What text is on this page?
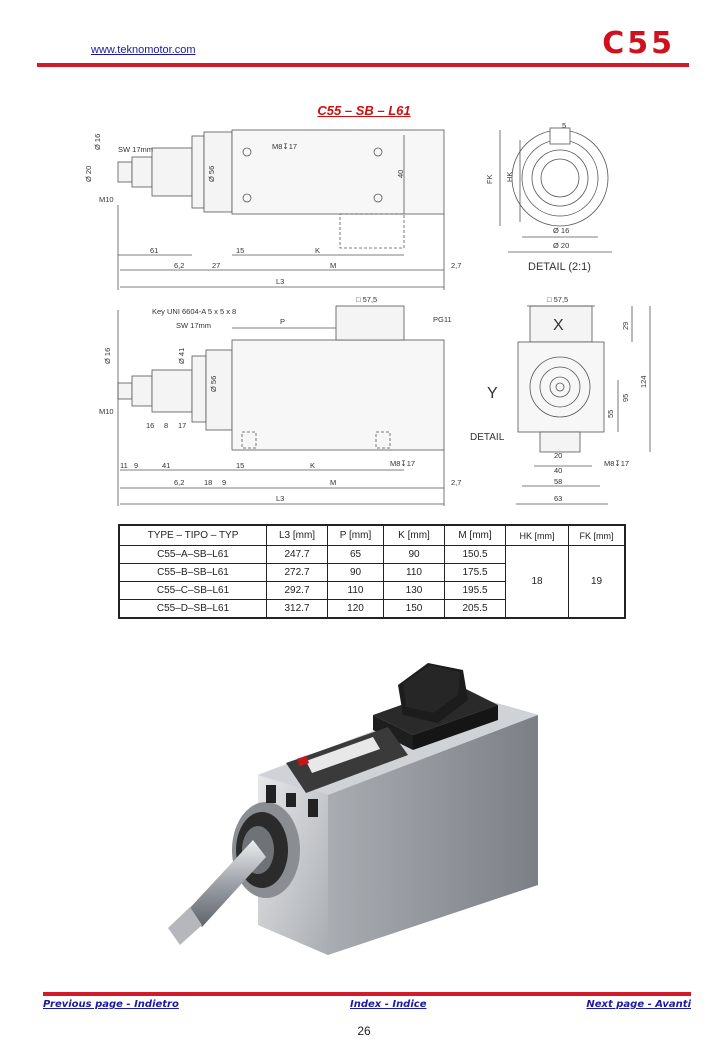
www.teknomotor.com	C55
C55 – SB – L61
SW 17mm
Ø 16
Ø 20	Ø 56
M10
M8↧17
40
61	15	K
6,2	27	M	2,7
L3
5
FK HK
Ø 16
Ø 20
DETAIL (2:1)
Key UNI 6604-A 5 x 5 x 8
SW 17mm	P
□ 57,5
PG11
Ø 16	Ø 41
Ø 56
M10
16 8 17
11 9	41	15	K	M8↧17
6,2	18 9	M	2,7
L3
□ 57,5
X
Y
29
124
95
55
DETAIL
20
40
M8↧17
58
63
TYPE – TIPO – TYP	L3 [mm]	P [mm]	K [mm]	M [mm]	HK [mm]	FK [mm]
C55–A–SB–L61	247.7	65	90	150.5	18	19
C55–B–SB–L61	272.7	90	110	175.5		
C55–C–SB–L61	292.7	110	130	195.5		
C55–D–SB–L61	312.7	120	150	205.5		
Previous page - Indietro	Index - Indice	Next page - Avanti
26
